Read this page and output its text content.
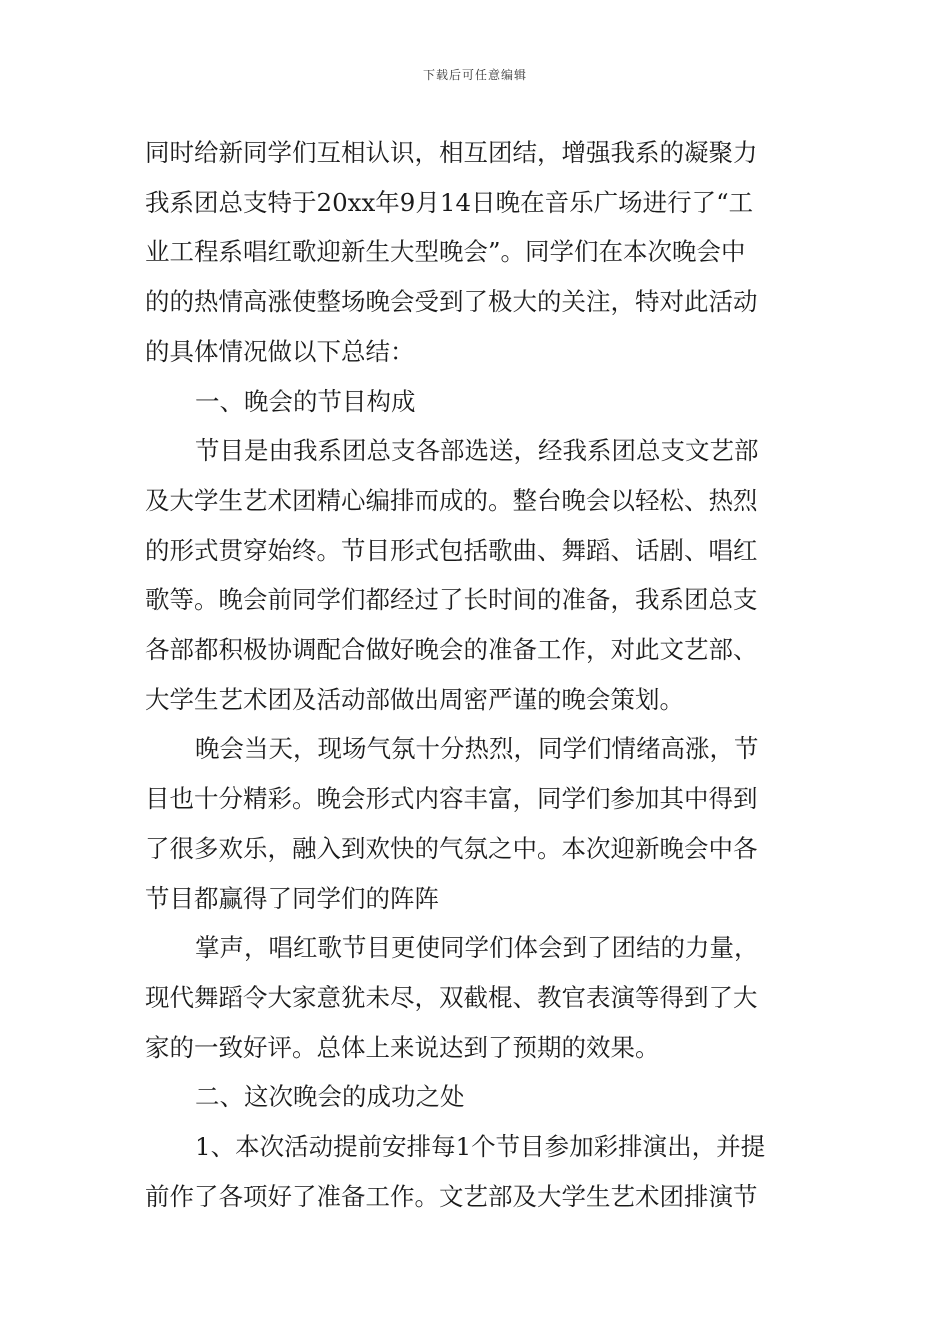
下载后可任意编辑
同时给新同学们互相认识，相互团结，增强我系的凝聚力
我系团总支特于20xx年9月14日晚在音乐广场进行了“工
业工程系唱红歌迎新生大型晚会”。同学们在本次晚会中
的的热情高涨使整场晚会受到了极大的关注，特对此活动
的具体情况做以下总结：
一、晚会的节目构成
节目是由我系团总支各部选送，经我系团总支文艺部
及大学生艺术团精心编排而成的。整台晚会以轻松、热烈
的形式贯穿始终。节目形式包括歌曲、舞蹈、话剧、唱红
歌等。晚会前同学们都经过了长时间的准备，我系团总支
各部都积极协调配合做好晚会的准备工作，对此文艺部、
大学生艺术团及活动部做出周密严谨的晚会策划。
晚会当天，现场气氛十分热烈，同学们情绪高涨，节
目也十分精彩。晚会形式内容丰富，同学们参加其中得到
了很多欢乐，融入到欢快的气氛之中。本次迎新晚会中各
节目都赢得了同学们的阵阵
掌声，唱红歌节目更使同学们体会到了团结的力量，
现代舞蹈令大家意犹未尽，双截棍、教官表演等得到了大
家的一致好评。总体上来说达到了预期的效果。
二、这次晚会的成功之处
1、本次活动提前安排每1个节目参加彩排演出，并提
前作了各项好了准备工作。文艺部及大学生艺术团排演节
